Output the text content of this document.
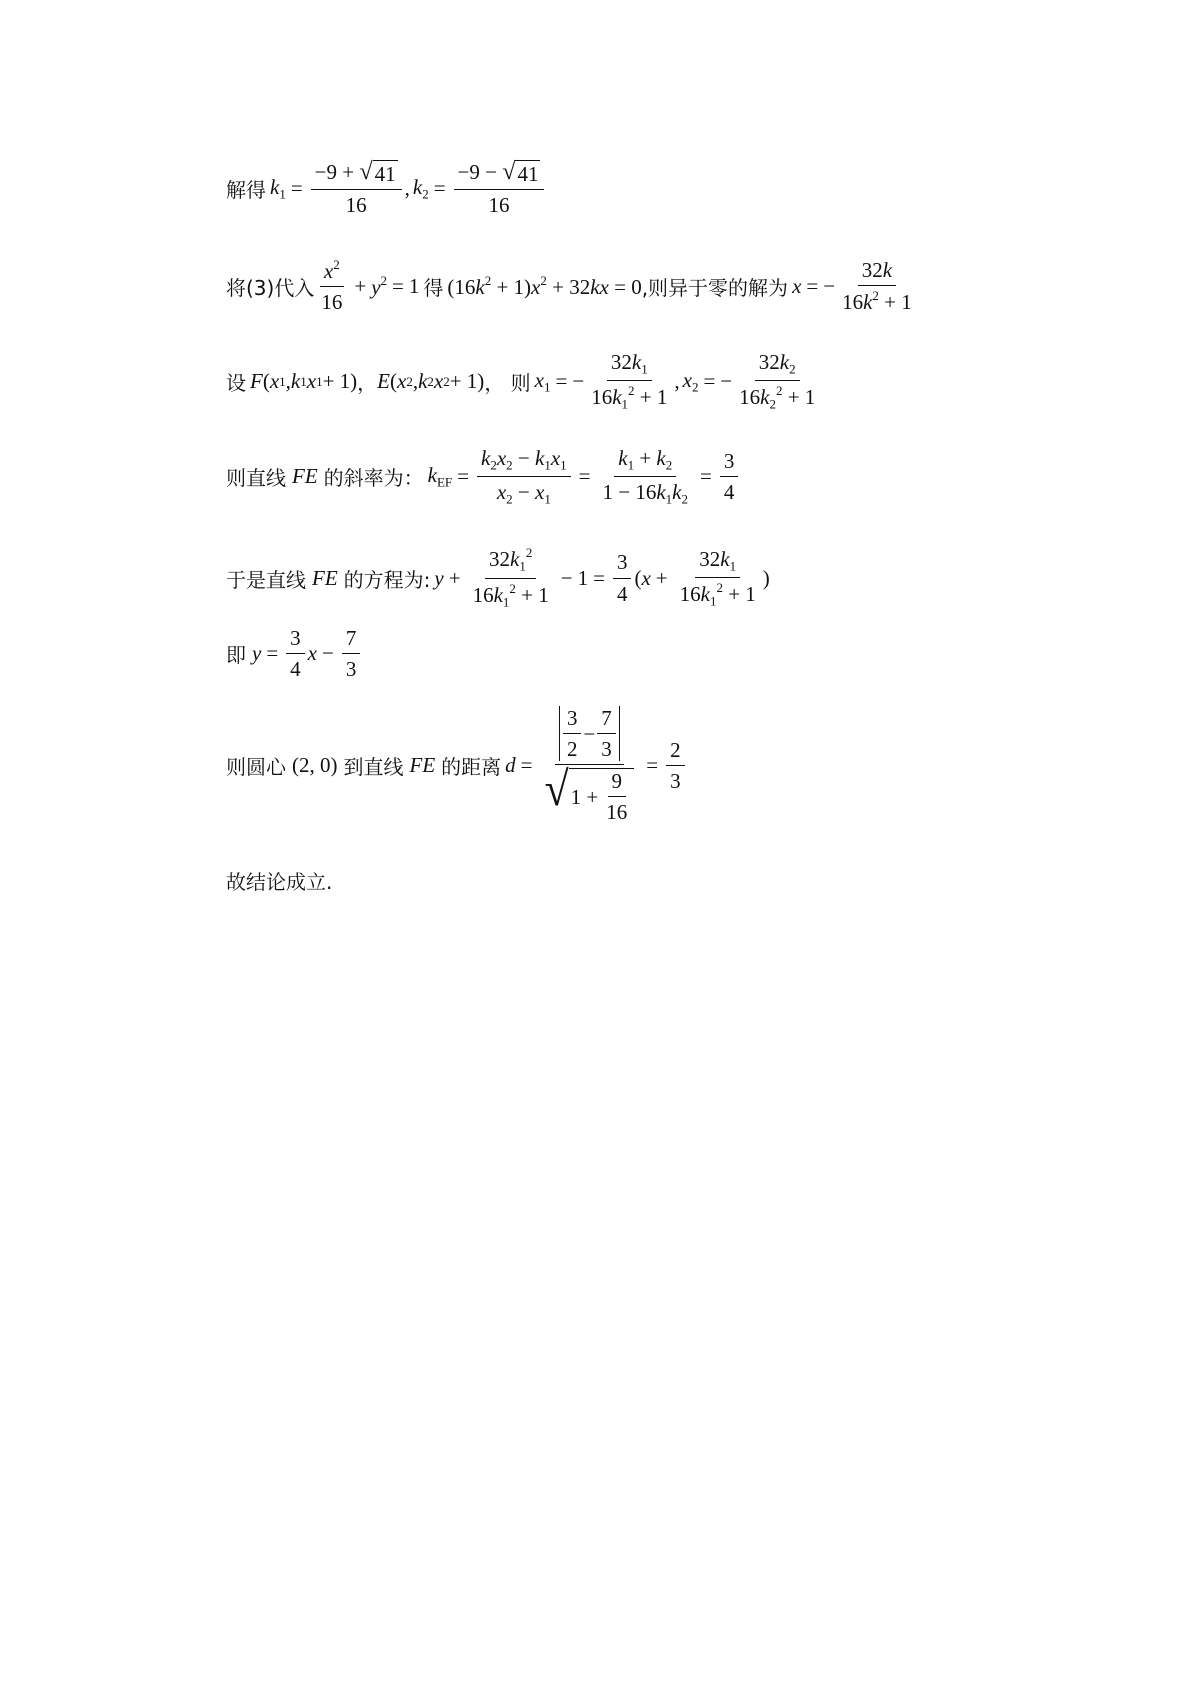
解得 $k_1 = \frac{-9 + √ 41}{16}$ , $k_2 = \frac{-9 - √ 41}{16}$
将(3)代入 $\frac{x^2}{16} + y^2 = 1$ 得 $(16k^2 + 1)x^2 + 32kx = 0$ ,则异于零的解为 x = − $\frac{32k}{16k^2 + 1}$
设 F ( x 1 , k 1 x 1 + 1) ， E ( x 2 , k 2 x 2 + 1) ， 则 $x_1$ = − $\frac{32k_1}{16k_1^2 + 1}$ , $x_2$ = − $\frac{32k_2}{16k_2^2 + 1}$
则直线 FE 的斜率为： $k_{EF} = \frac{k_2x_2 - k_1x_1}{x_2 - x_1} = \frac{k_1 + k_2}{1 - 16k_1k_2} = \frac{3}{4}$
于是直线 FE 的方程为: $y + \frac{32k_1^2}{16k_1^2 + 1} - 1 = \frac{3}{4}$ ( $x + \frac{32k_1}{16k_1^2 + 1}$ )
即 $y = \frac{3}{4}$ $x - \frac{7}{3}$
则圆心 (2, 0) 到直线 FE 的距离 $d = \frac{\frac{3}{2} - \frac{7}{3}}{√ 1 + \frac{9}{16}} = \frac{2}{3}$
故结论成立.
